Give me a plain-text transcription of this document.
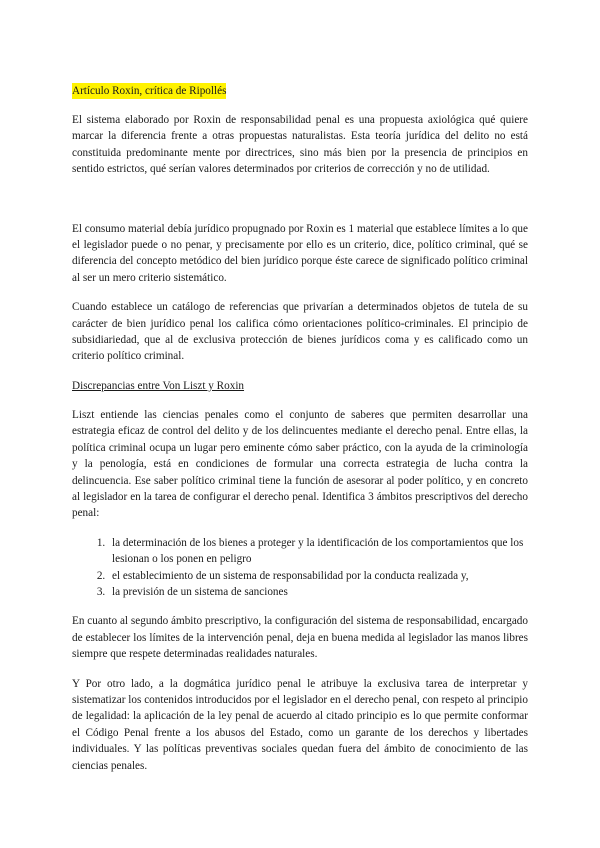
Artículo Roxin, crítica de Ripollés

El sistema elaborado por Roxin de responsabilidad penal es una propuesta axiológica qué quiere marcar la diferencia frente a otras propuestas naturalistas. Esta teoría jurídica del delito no está constituida predominante mente por directrices, sino más bien por la presencia de principios en sentido estrictos, qué serían valores determinados por criterios de corrección y no de utilidad.

El consumo material debía jurídico propugnado por Roxin es 1 material que establece límites a lo que el legislador puede o no penar, y precisamente por ello es un criterio, dice, político criminal, qué se diferencia del concepto metódico del bien jurídico porque éste carece de significado político criminal al ser un mero criterio sistemático.

Cuando establece un catálogo de referencias que privarían a determinados objetos de tutela de su carácter de bien jurídico penal los califica cómo orientaciones político-criminales. El principio de subsidiariedad, que al de exclusiva protección de bienes jurídicos coma y es calificado como un criterio político criminal.

Discrepancias entre Von Liszt y Roxin

Liszt entiende las ciencias penales como el conjunto de saberes que permiten desarrollar una estrategia eficaz de control del delito y de los delincuentes mediante el derecho penal. Entre ellas, la política criminal ocupa un lugar pero eminente cómo saber práctico, con la ayuda de la criminología y la penología, está en condiciones de formular una correcta estrategia de lucha contra la delincuencia. Ese saber político criminal tiene la función de asesorar al poder político, y en concreto al legislador en la tarea de configurar el derecho penal. Identifica 3 ámbitos prescriptivos del derecho penal:

1. la determinación de los bienes a proteger y la identificación de los comportamientos que los lesionan o los ponen en peligro
2. el establecimiento de un sistema de responsabilidad por la conducta realizada y,
3. la previsión de un sistema de sanciones

En cuanto al segundo ámbito prescriptivo, la configuración del sistema de responsabilidad, encargado de establecer los límites de la intervención penal, deja en buena medida al legislador las manos libres siempre que respete determinadas realidades naturales.

Y Por otro lado, a la dogmática jurídico penal le atribuye la exclusiva tarea de interpretar y sistematizar los contenidos introducidos por el legislador en el derecho penal, con respeto al principio de legalidad: la aplicación de la ley penal de acuerdo al citado principio es lo que permite conformar el Código Penal frente a los abusos del Estado, como un garante de los derechos y libertades individuales. Y las políticas preventivas sociales quedan fuera del ámbito de conocimiento de las ciencias penales.
